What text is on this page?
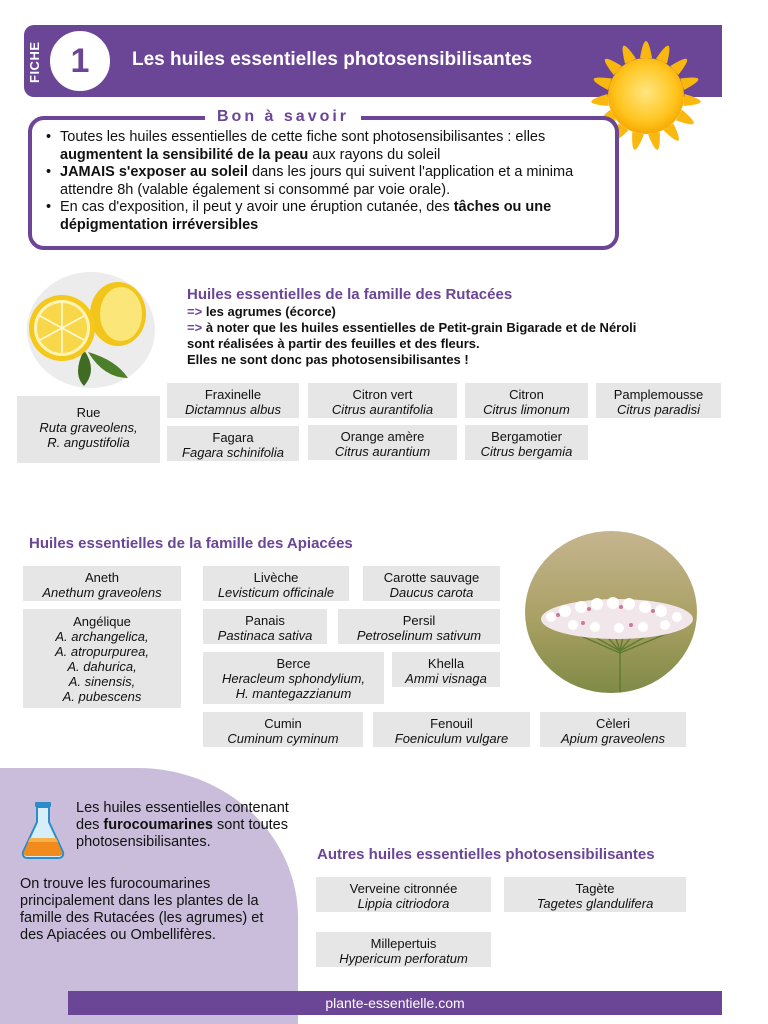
FICHE 1	Les huiles essentielles photosensibilisantes
Bon à savoir
• Toutes les huiles essentielles de cette fiche sont photosensibilisantes : elles augmentent la sensibilité de la peau aux rayons du soleil
• JAMAIS s'exposer au soleil dans les jours qui suivent l'application et a minima attendre 8h (valable également si consommé par voie orale).
• En cas d'exposition, il peut y avoir une éruption cutanée, des tâches ou une dépigmentation irréversibles
Huiles essentielles de la famille des Rutacées
=> les agrumes (écorce)
=> à noter que les huiles essentielles de Petit-grain Bigarade et de Néroli
sont réalisées à partir des feuilles et des fleurs.
Elles ne sont donc pas photosensibilisantes !
Rue
Ruta graveolens,
R. angustifolia
Fraxinelle
Dictamnus albus
Citron vert
Citrus aurantifolia
Citron
Citrus limonum
Pamplemousse
Citrus paradisi
Fagara
Fagara schinifolia
Orange amère
Citrus aurantium
Bergamotier
Citrus bergamia
Huiles essentielles de la famille des Apiacées
Aneth
Anethum graveolens
Angélique
A. archangelica,
A. atropurpurea,
A. dahurica,
A. sinensis,
A. pubescens
Livèche
Levisticum officinale
Carotte sauvage
Daucus carota
Panais
Pastinaca sativa
Persil
Petroselinum sativum
Berce
Heracleum sphondylium,
H. mantegazzianum
Khella
Ammi visnaga
Cumin
Cuminum cyminum
Fenouil
Foeniculum vulgare
Cèleri
Apium graveolens
Les huiles essentielles contenant des furocoumarines sont toutes photosensibilisantes.
On trouve les furocoumarines principalement dans les plantes de la famille des Rutacées (les agrumes) et des Apiacées ou Ombellifères.
Autres huiles essentielles photosensibilisantes
Verveine citronnée
Lippia citriodora
Tagète
Tagetes glandulifera
Millepertuis
Hypericum perforatum
plante-essentielle.com
